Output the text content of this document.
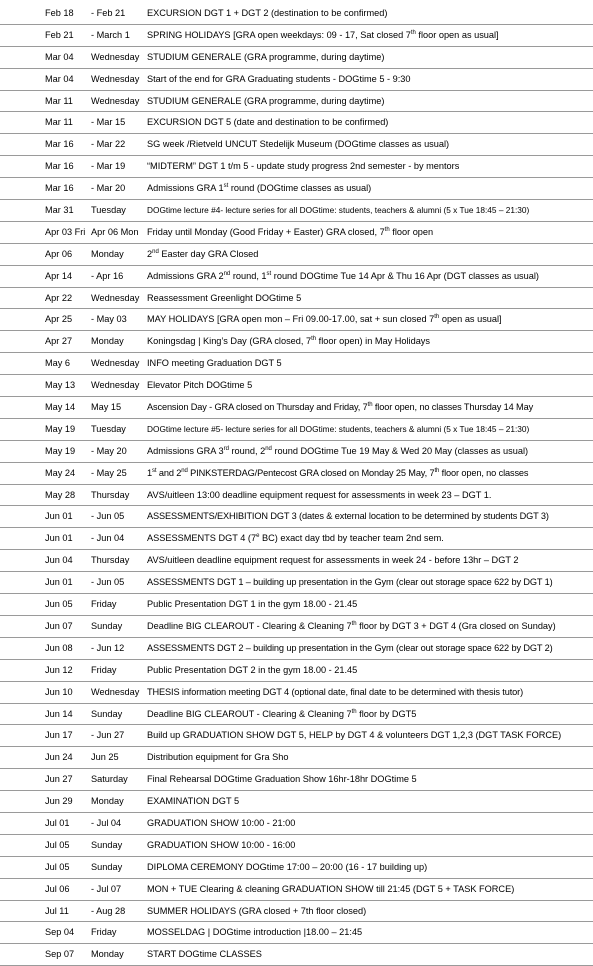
Feb 18 - Feb 21 EXCURSION DGT 1 + DGT 2 (destination to be confirmed)
Feb 21 - March 1 SPRING HOLIDAYS [GRA open weekdays: 09 - 17, Sat closed 7th floor open as usual]
Mar 04 Wednesday STUDIUM GENERALE (GRA programme, during daytime)
Mar 04 Wednesday Start of the end for GRA Graduating students - DOGtime 5 - 9:30
Mar 11 Wednesday STUDIUM GENERALE (GRA programme, during daytime)
Mar 11 - Mar 15 EXCURSION DGT 5 (date and destination to be confirmed)
Mar 16 - Mar 22 SG week /Rietveld UNCUT Stedelijk Museum (DOGtime classes as usual)
Mar 16 - Mar 19 “MIDTERM” DGT 1 t/m 5 - update study progress 2nd semester - by mentors
Mar 16 - Mar 20 Admissions GRA 1st round (DOGtime classes as usual)
Mar 31 Tuesday	DOGtime lecture #4- lecture series for all DOGtime: students, teachers & alumni (5 x Tue 18:45 – 21:30)
Apr 03 Fri Apr 06 Mon Friday until Monday (Good Friday + Easter) GRA closed, 7th floor open
Apr 06 Monday	2nd Easter day GRA Closed
Apr 14 - Apr 16	Admissions GRA 2nd round, 1st round DOGtime Tue 14 Apr & Thu 16 Apr (DGT classes as usual)
Apr 22 Wednesday Reassessment Greenlight DOGtime 5
Apr 25 - May 03 MAY HOLIDAYS [GRA open mon – Fri 09.00-17.00, sat + sun closed 7th open as usual]
Apr 27 Monday	Koningsdag | King’s Day (GRA closed, 7th floor open) in May Holidays
May 6 Wednesday INFO meeting Graduation DGT 5
May 13 Wednesday Elevator Pitch DOGtime 5
May 14 May 15	Ascension Day - GRA closed on Thursday and Friday, 7th floor open, no classes Thursday 14 May
May 19 Tuesday	DOGtime lecture #5- lecture series for all DOGtime: students, teachers & alumni (5 x Tue 18:45 – 21:30)
May 19 - May 20 Admissions GRA 3rd round, 2nd round DOGtime Tue 19 May & Wed 20 May (classes as usual)
May 24 - May 25 1st and 2nd PINKSTERDAG/Pentecost GRA closed on Monday 25 May, 7th floor open, no classes
May 28 Thursday AVS/uitleen 13:00 deadline equipment request for assessments in week 23 – DGT 1.
Jun 01 - Jun 05 ASSESSMENTS/EXHIBITION DGT 3 (dates & external location to be determined by students DGT 3)
Jun 01 - Jun 04 ASSESSMENTS DGT 4 (7e BC) exact day tbd by teacher team 2nd sem.
Jun 04 Thursday AVS/uitleen deadline equipment request for assessments in week 24 - before 13hr – DGT 2
Jun 01 - Jun 05 ASSESSMENTS DGT 1 – building up presentation in the Gym (clear out storage space 622 by DGT 1)
Jun 05 Friday	Public Presentation DGT 1 in the gym 18.00 - 21.45
Jun 07 Sunday	Deadline BIG CLEAROUT - Clearing & Cleaning 7th floor by DGT 3 + DGT 4 (Gra closed on Sunday)
Jun 08 - Jun 12 ASSESSMENTS DGT 2 – building up presentation in the Gym (clear out storage space 622 by DGT 2)
Jun 12 Friday	Public Presentation DGT 2 in the gym 18.00 - 21.45
Jun 10 Wednesday THESIS information meeting DGT 4 (optional date, final date to be determined with thesis tutor)
Jun 14 Sunday	Deadline BIG CLEAROUT - Clearing & Cleaning 7th floor by DGT5
Jun 17 - Jun 27 Build up GRADUATION SHOW DGT 5, HELP by DGT 4 & volunteers DGT 1,2,3 (DGT TASK FORCE)
Jun 24 Jun 25	Distribution equipment for Gra Sho
Jun 27 Saturday Final Rehearsal DOGtime Graduation Show 16hr-18hr DOGtime 5
Jun 29 Monday	EXAMINATION DGT 5
Jul 01 - Jul 04	GRADUATION SHOW 10:00 - 21:00
Jul 05 Sunday	GRADUATION SHOW 10:00 - 16:00
Jul 05 Sunday	DIPLOMA CEREMONY DOGtime 17:00 – 20:00 (16 - 17 building up)
Jul 06 - Jul 07	MON + TUE Clearing & cleaning GRADUATION SHOW till 21:45 (DGT 5 + TASK FORCE)
Jul 11 - Aug 28 SUMMER HOLIDAYS (GRA closed + 7th floor closed)
Sep 04 Friday	MOSSELDAG | DOGtime introduction |18.00 – 21:45
Sep 07 Monday	START DOGtime CLASSES
